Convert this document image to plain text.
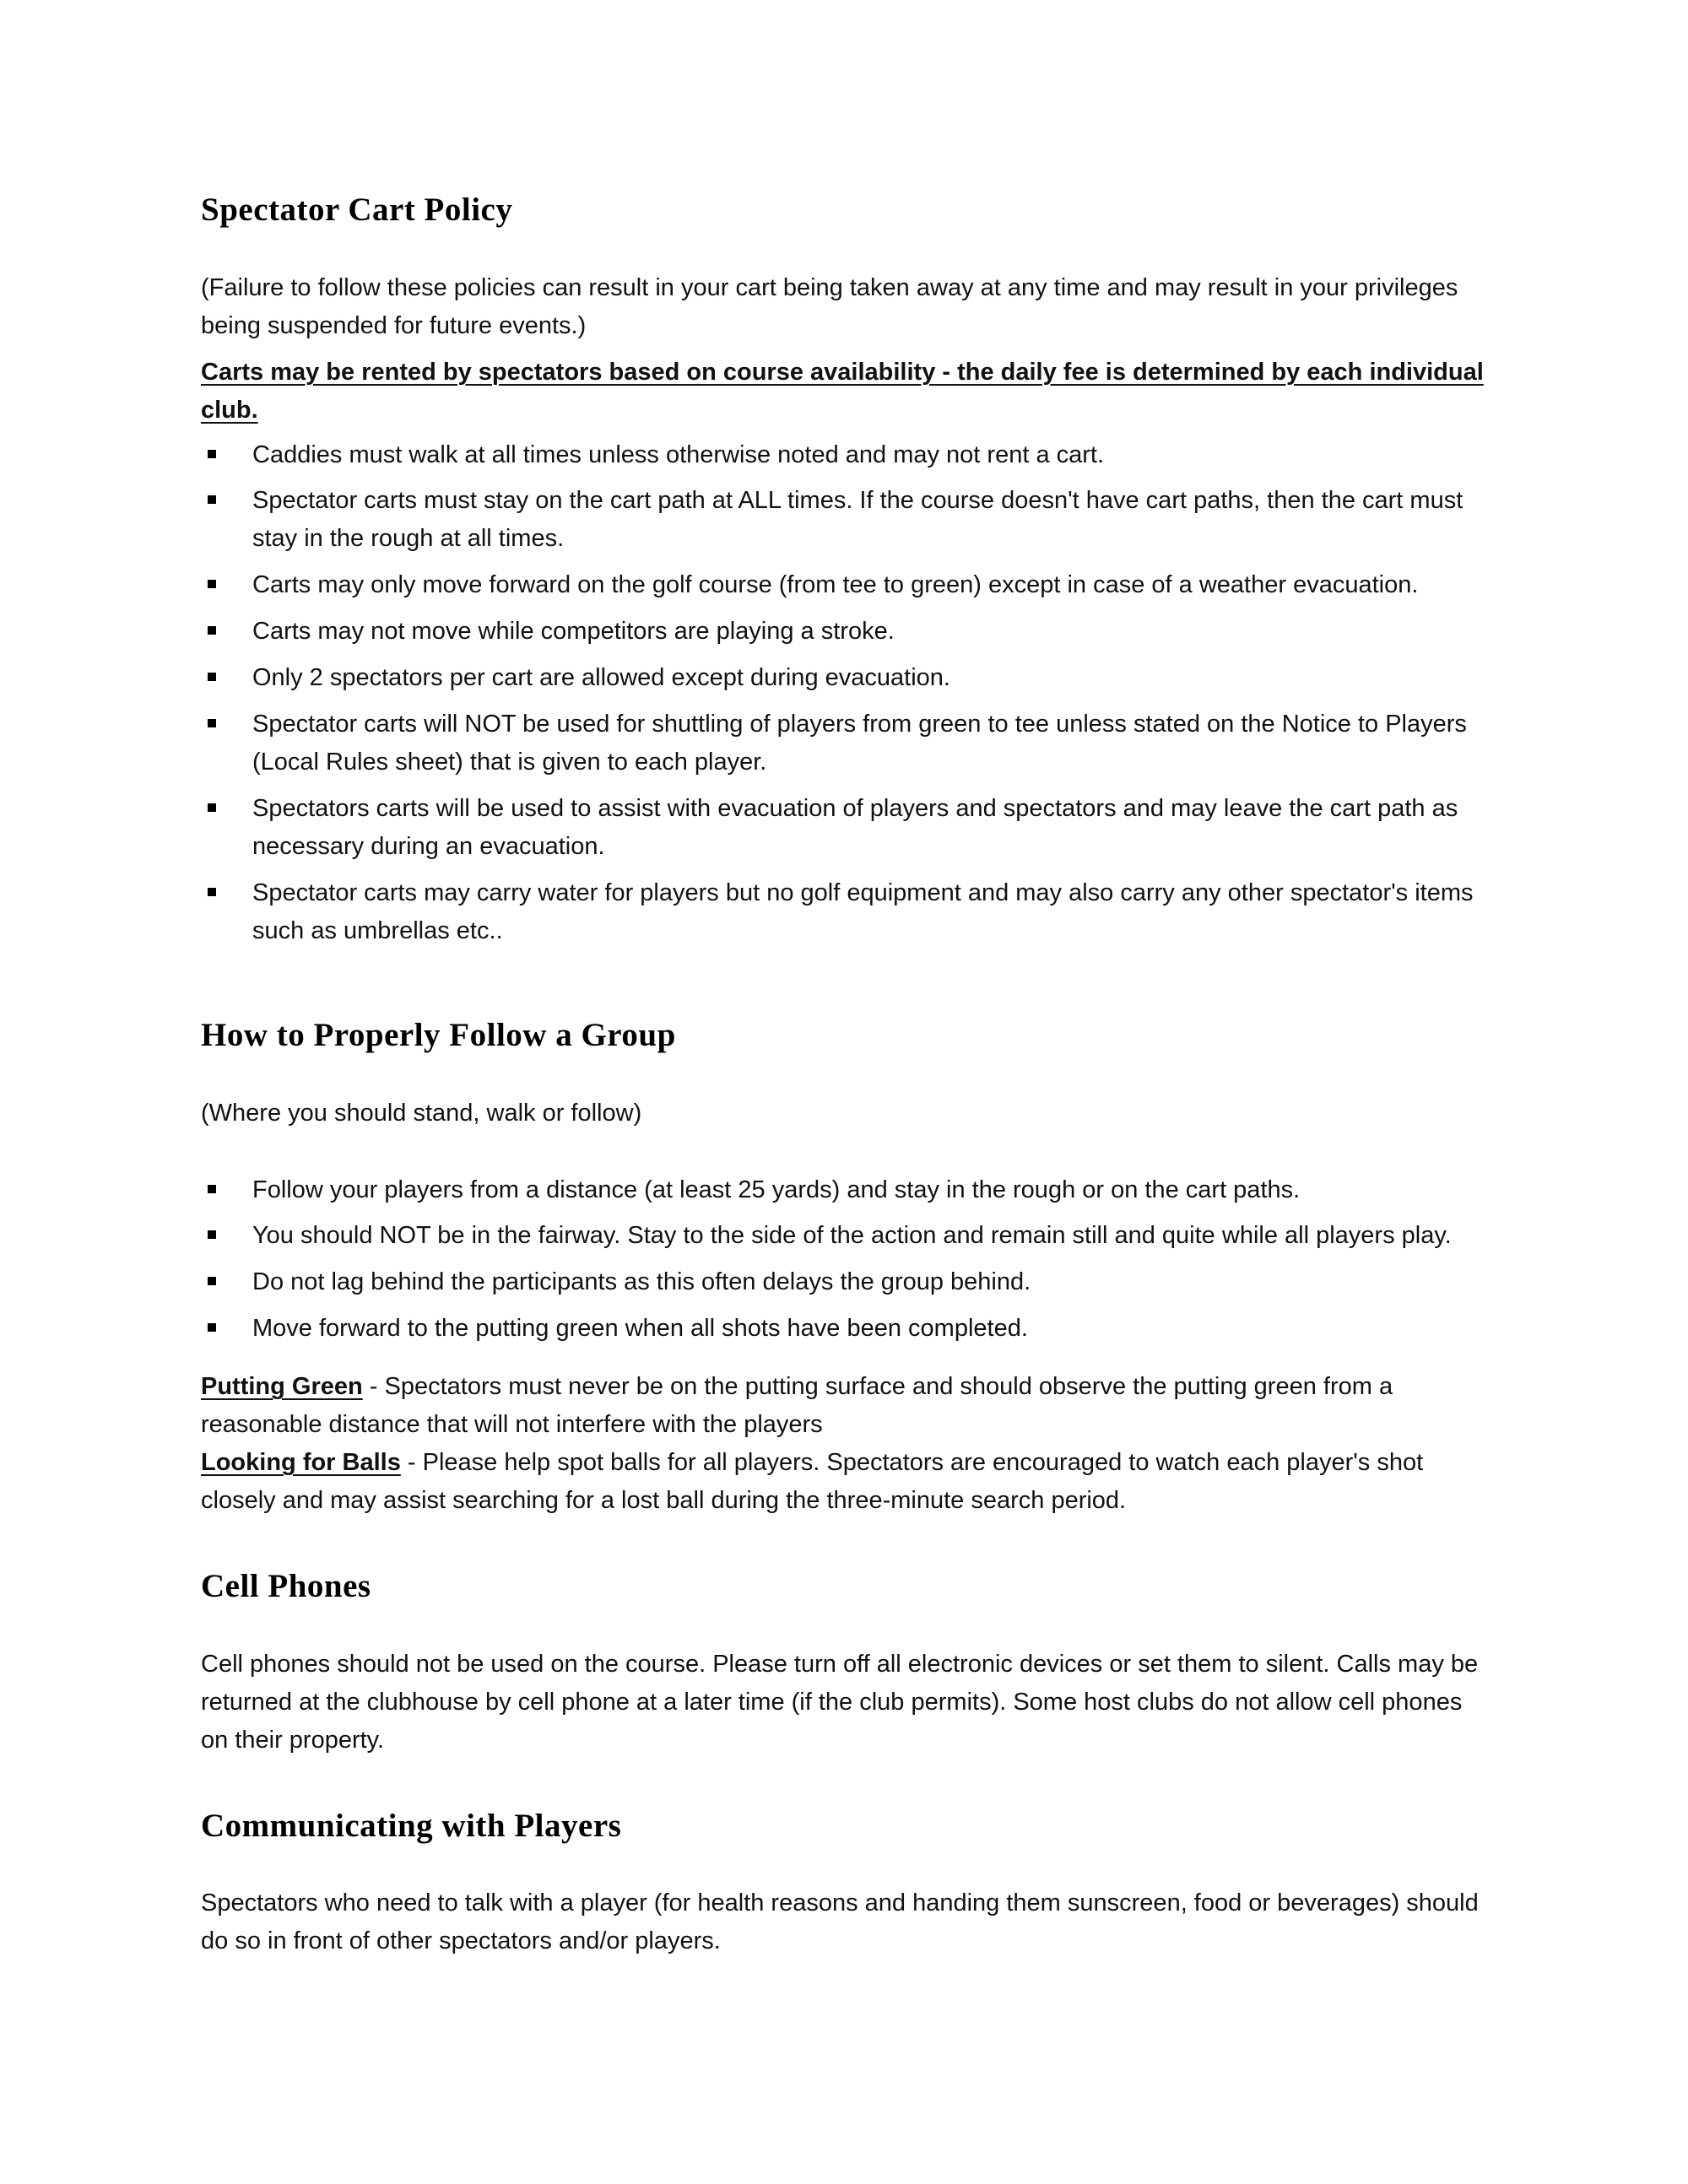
Spectator Cart Policy

(Failure to follow these policies can result in your cart being taken away at any time and may result in your privileges being suspended for future events.)

Carts may be rented by spectators based on course availability - the daily fee is determined by each individual club.

Caddies must walk at all times unless otherwise noted and may not rent a cart.
Spectator carts must stay on the cart path at ALL times. If the course doesn't have cart paths, then the cart must stay in the rough at all times.
Carts may only move forward on the golf course (from tee to green) except in case of a weather evacuation.
Carts may not move while competitors are playing a stroke.
Only 2 spectators per cart are allowed except during evacuation.
Spectator carts will NOT be used for shuttling of players from green to tee unless stated on the Notice to Players (Local Rules sheet) that is given to each player.
Spectators carts will be used to assist with evacuation of players and spectators and may leave the cart path as necessary during an evacuation.
Spectator carts may carry water for players but no golf equipment and may also carry any other spectator's items such as umbrellas etc..
How to Properly Follow a Group

(Where you should stand, walk or follow)

Follow your players from a distance (at least 25 yards) and stay in the rough or on the cart paths.
You should NOT be in the fairway. Stay to the side of the action and remain still and quite while all players play.
Do not lag behind the participants as this often delays the group behind.
Move forward to the putting green when all shots have been completed.

Putting Green - Spectators must never be on the putting surface and should observe the putting green from a reasonable distance that will not interfere with the players

Looking for Balls - Please help spot balls for all players. Spectators are encouraged to watch each player's shot closely and may assist searching for a lost ball during the three-minute search period.

Cell Phones

Cell phones should not be used on the course. Please turn off all electronic devices or set them to silent. Calls may be returned at the clubhouse by cell phone at a later time (if the club permits). Some host clubs do not allow cell phones on their property.

Communicating with Players

Spectators who need to talk with a player (for health reasons and handing them sunscreen, food or beverages) should do so in front of other spectators and/or players.
